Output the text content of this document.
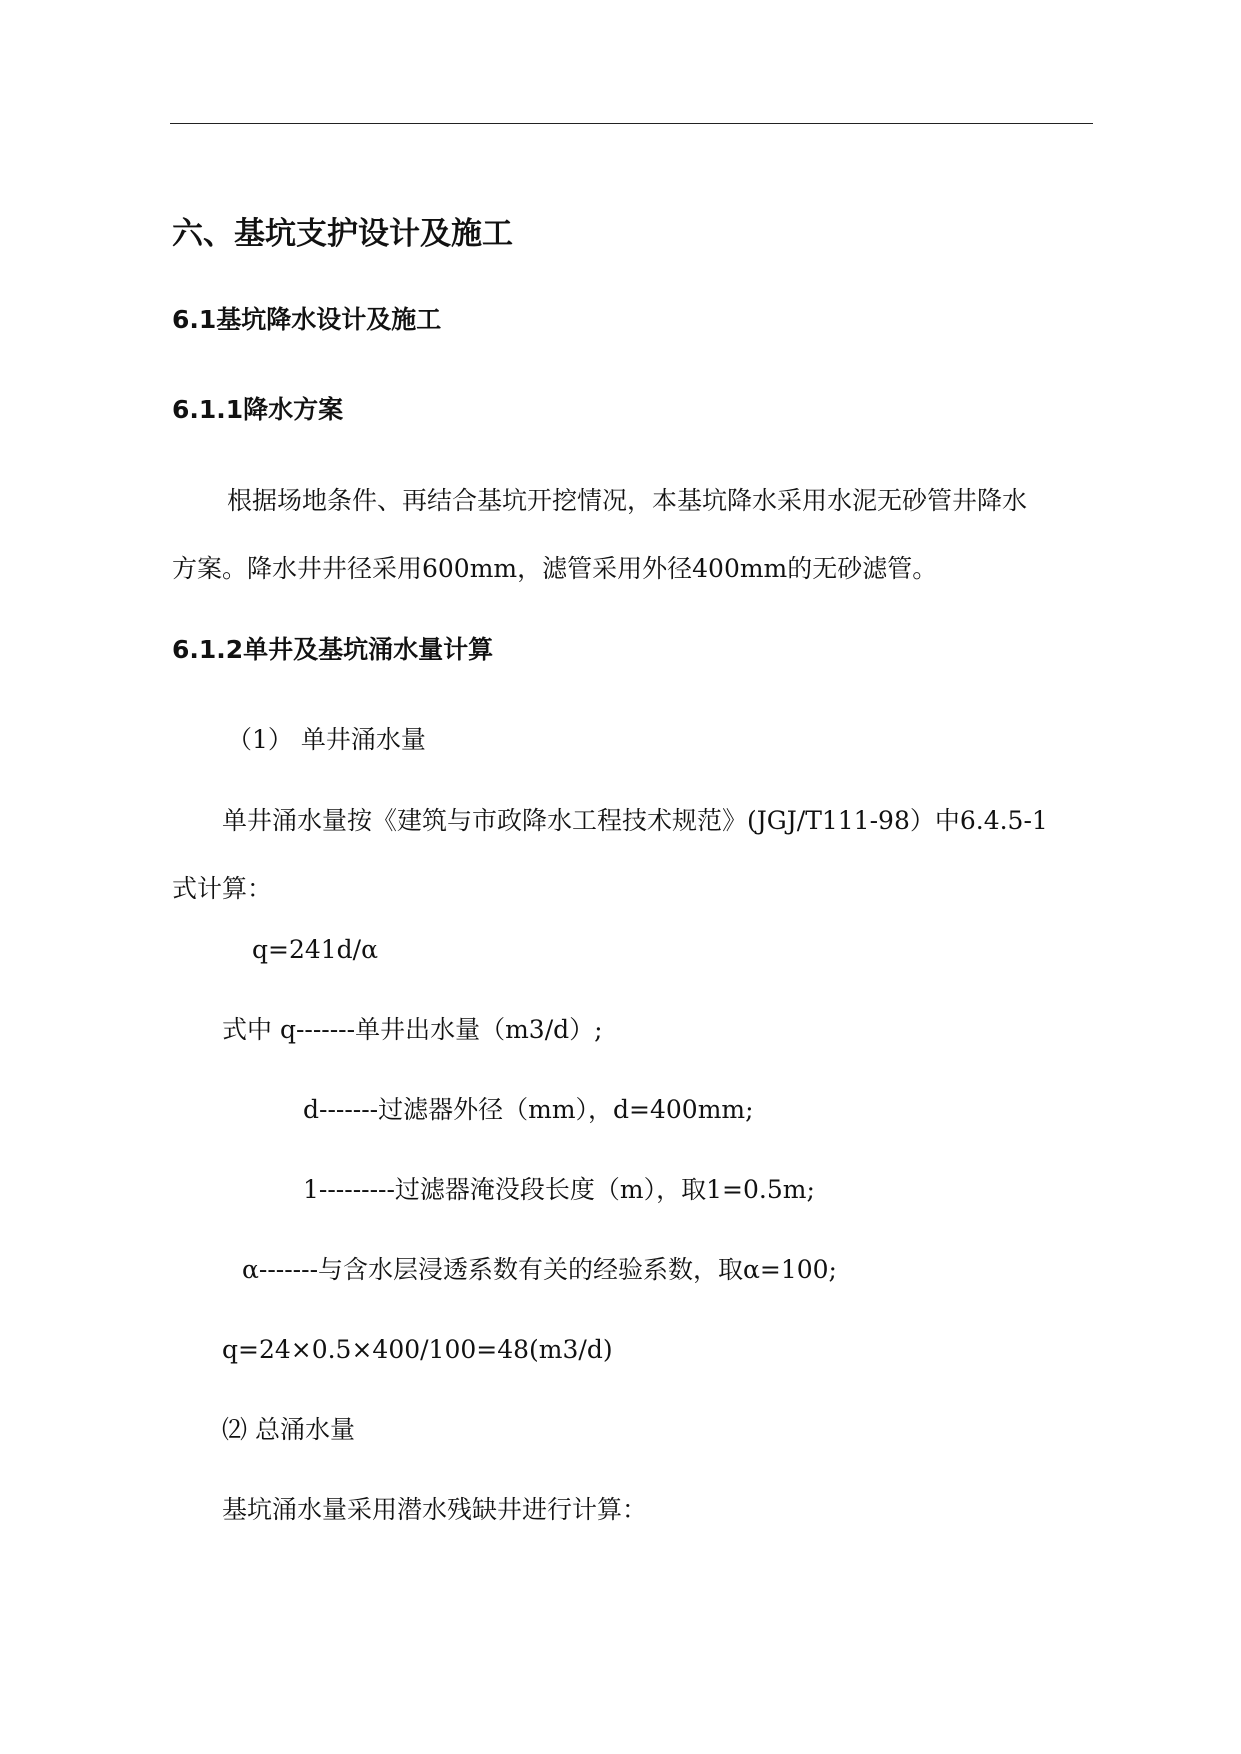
六、基坑支护设计及施工
6.1基坑降水设计及施工
6.1.1降水方案
根据场地条件、再结合基坑开挖情况，本基坑降水采用水泥无砂管井降水
方案。降水井井径采用600mm，滤管采用外径400mm的无砂滤管。
6.1.2单井及基坑涌水量计算
（1） 单井涌水量
单井涌水量按《建筑与市政降水工程技术规范》(JGJ/T111-98）中6.4.5-1
式计算：
q=241d/α
式中 q-------单井出水量（m3/d）;
d-------过滤器外径（mm），d=400mm;
1---------过滤器淹没段长度（m），取1=0.5m;
α-------与含水层浸透系数有关的经验系数，取α=100;
q=24×0.5×400/100=48(m3/d)
⑵ 总涌水量
基坑涌水量采用潜水残缺井进行计算：
